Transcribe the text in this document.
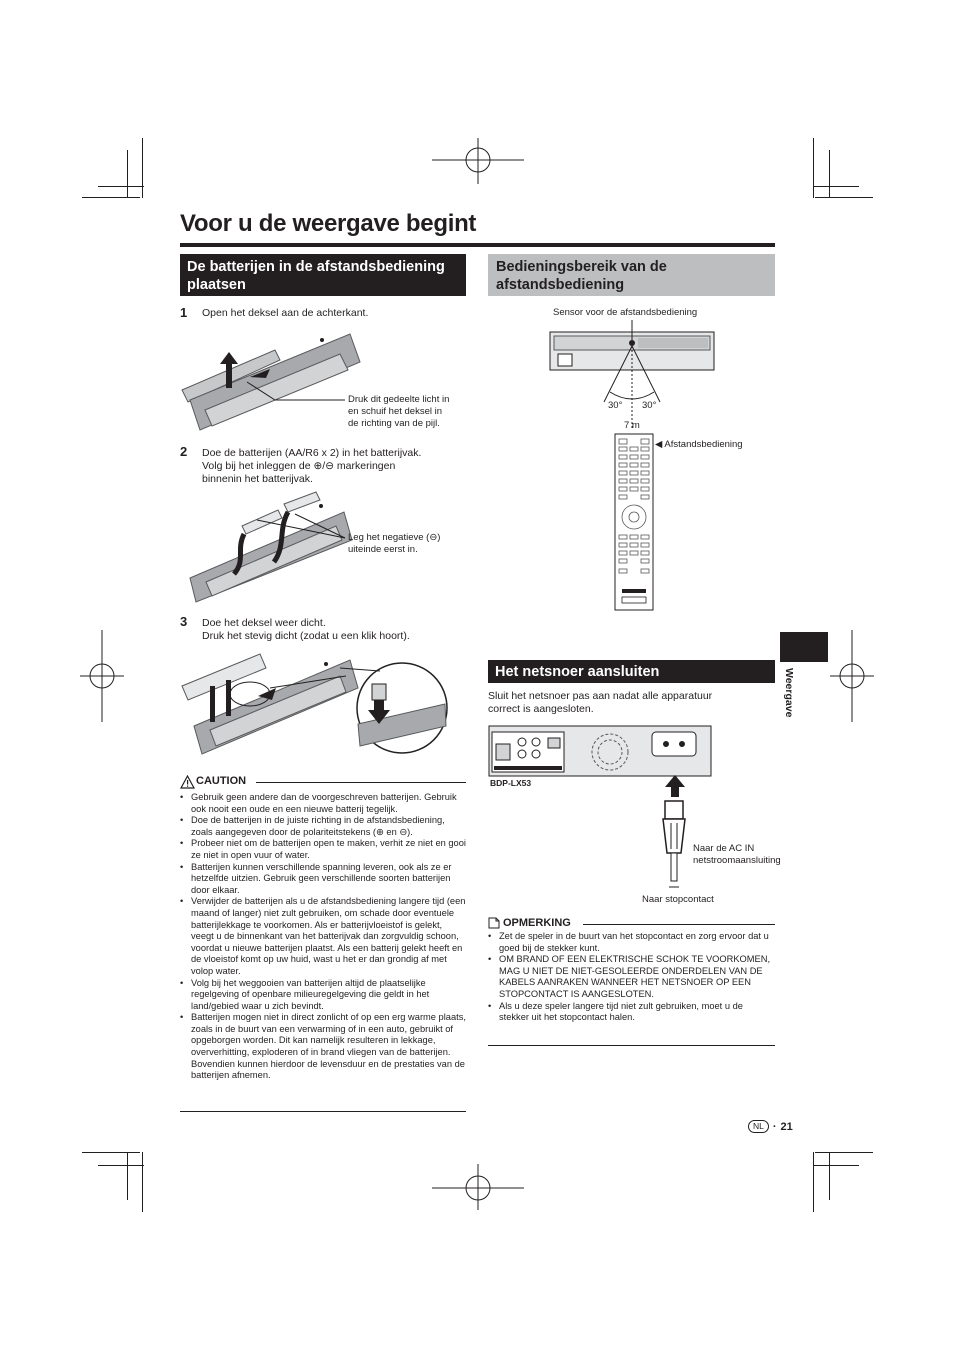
Voor u de weergave begint
De batterijen in de afstandsbediening plaatsen
1 Open het deksel aan de achterkant.
Druk dit gedeelte licht in
en schuif het deksel in
de richting van de pijl.
2 Doe de batterijen (AA/R6 x 2) in het batterijvak.
Volg bij het inleggen de ⊕/⊖ markeringen
binnenin het batterijvak.
Leg het negatieve (⊖)
uiteinde eerst in.
3 Doe het deksel weer dicht.
Druk het stevig dicht (zodat u een klik hoort).
CAUTION
• Gebruik geen andere dan de voorgeschreven batterijen. Gebruik ook nooit een oude en een nieuwe batterij tegelijk.
• Doe de batterijen in de juiste richting in de afstandsbediening, zoals aangegeven door de polariteitstekens (⊕ en ⊖).
• Probeer niet om de batterijen open te maken, verhit ze niet en gooi ze niet in open vuur of water.
• Batterijen kunnen verschillende spanning leveren, ook als ze er hetzelfde uitzien. Gebruik geen verschillende soorten batterijen door elkaar.
• Verwijder de batterijen als u de afstandsbediening langere tijd (een maand of langer) niet zult gebruiken, om schade door eventuele batterijlekkage te voorkomen. Als er batterijvloeistof is gelekt, veegt u de binnenkant van het batterijvak dan zorgvuldig schoon, voordat u nieuwe batterijen plaatst. Als een batterij gelekt heeft en de vloeistof komt op uw huid, wast u het er dan grondig af met volop water.
• Volg bij het weggooien van batterijen altijd de plaatselijke regelgeving of openbare milieuregelgeving die geldt in het land/gebied waar u zich bevindt.
• Batterijen mogen niet in direct zonlicht of op een erg warme plaats, zoals in de buurt van een verwarming of in een auto, gebruikt of opgeborgen worden. Dit kan namelijk resulteren in lekkage, oververhitting, exploderen of in brand vliegen van de batterijen. Bovendien kunnen hierdoor de levensduur en de prestaties van de batterijen afnemen.
Bedieningsbereik van de afstandsbediening
Sensor voor de afstandsbediening
30° 30°
7 m
◀ Afstandsbediening
Weergave
Het netsnoer aansluiten
Sluit het netsnoer pas aan nadat alle apparatuur
correct is aangesloten.
BDP-LX53
Naar de AC IN
netstroomaansluiting
Naar stopcontact
OPMERKING
• Zet de speler in de buurt van het stopcontact en zorg ervoor dat u goed bij de stekker kunt.
• OM BRAND OF EEN ELEKTRISCHE SCHOK TE VOORKOMEN, MAG U NIET DE NIET-GESOLEERDE ONDERDELEN VAN DE KABELS AANRAKEN WANNEER HET NETSNOER OP EEN STOPCONTACT IS AANGESLOTEN.
• Als u deze speler langere tijd niet zult gebruiken, moet u de stekker uit het stopcontact halen.
NL · 21
